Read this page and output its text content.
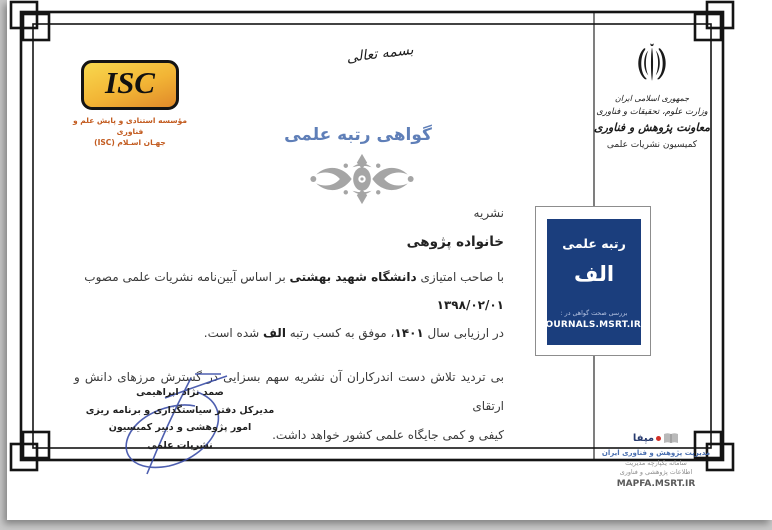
ISC
مؤسسه استنادی و پایش علم و فناوری
جهـان اسـلام (ISC)
بسمه تعالی
جمهوری اسلامی ایران
وزارت علوم، تحقیقات و فناوری
معاونت پژوهش و فناوری
کمیسیون نشریات علمی
گواهی رتبه علمی
نشریه
خانواده پژوهی
با صاحب امتیازی دانشگاه شهید بهشتی بر اساس آیین‌نامه نشریات علمی مصوب ۱۳۹۸/۰۲/۰۱
در ارزیابی سال ۱۴۰۱، موفق به کسب رتبه الف شده است.
بی تردید تلاش دست اندرکاران آن نشریه سهم بسزایی در گسترش مرزهای دانش و ارتقای
کیفی و کمی جایگاه علمی کشور خواهد داشت.
رتبه علمی
الف
بررسی صحت گواهی در :
JOURNALS.MSRT.IR
صمد نژاد ابراهیمی
مدیرکل دفتر سیاستگذاری و برنامه ریزی
امور پژوهشی و دبیر کمیسیون
نشریات علمی
مپفا
مدیریت پژوهش و فناوری ایران
سامانه یکپارچه مدیریت
اطلاعات پژوهشی و فناوری
MAPFA.MSRT.IR
